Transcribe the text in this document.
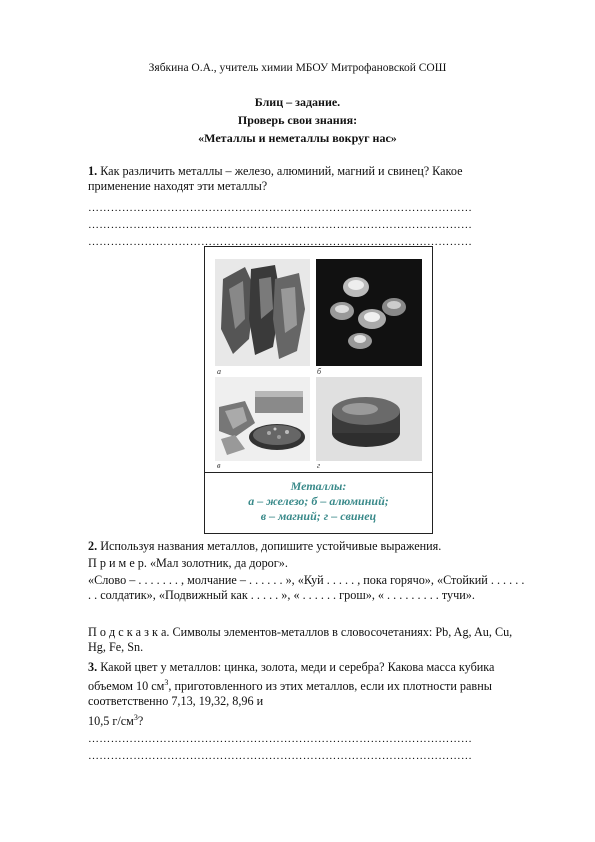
Зябкина О.А., учитель химии МБОУ Митрофановской СОШ
Блиц – задание.
Проверь свои знания:
«Металлы и неметаллы вокруг нас»
1. Как различить металлы – железо, алюминий, магний и свинец? Какое применение находят эти металлы?
…………………………………………………………………………………………
…………………………………………………………………………………………
…………………………………………………………………………………………
а	б
в	г
Металлы:
а – железо; б – алюминий;
в – магний; г – свинец
2. Используя названия металлов, допишите устойчивые выражения.
П р и м е р. «Мал золотник, да дорог».
«Слово – . . . . . . . , молчание – . . . . . . », «Куй . . . . . , пока горячо», «Стойкий . . . . . . . . солдатик», «Подвижный как . . . . . », « . . . . . . грош», « . . . . . . . . . тучи».
П о д с к а з к а. Символы элементов-металлов в словосочетаниях: Pb, Ag, Au, Cu, Hg, Fe, Sn.
3. Какой цвет у металлов: цинка, золота, меди и серебра? Какова масса кубика объемом 10 $см^3$, приготовленного из этих металлов, если их плотности равны соответственно 7,13, 19,32, 8,96 и
10,5 $г/см^3$?
…………………………………………………………………………………………
…………………………………………………………………………………………
